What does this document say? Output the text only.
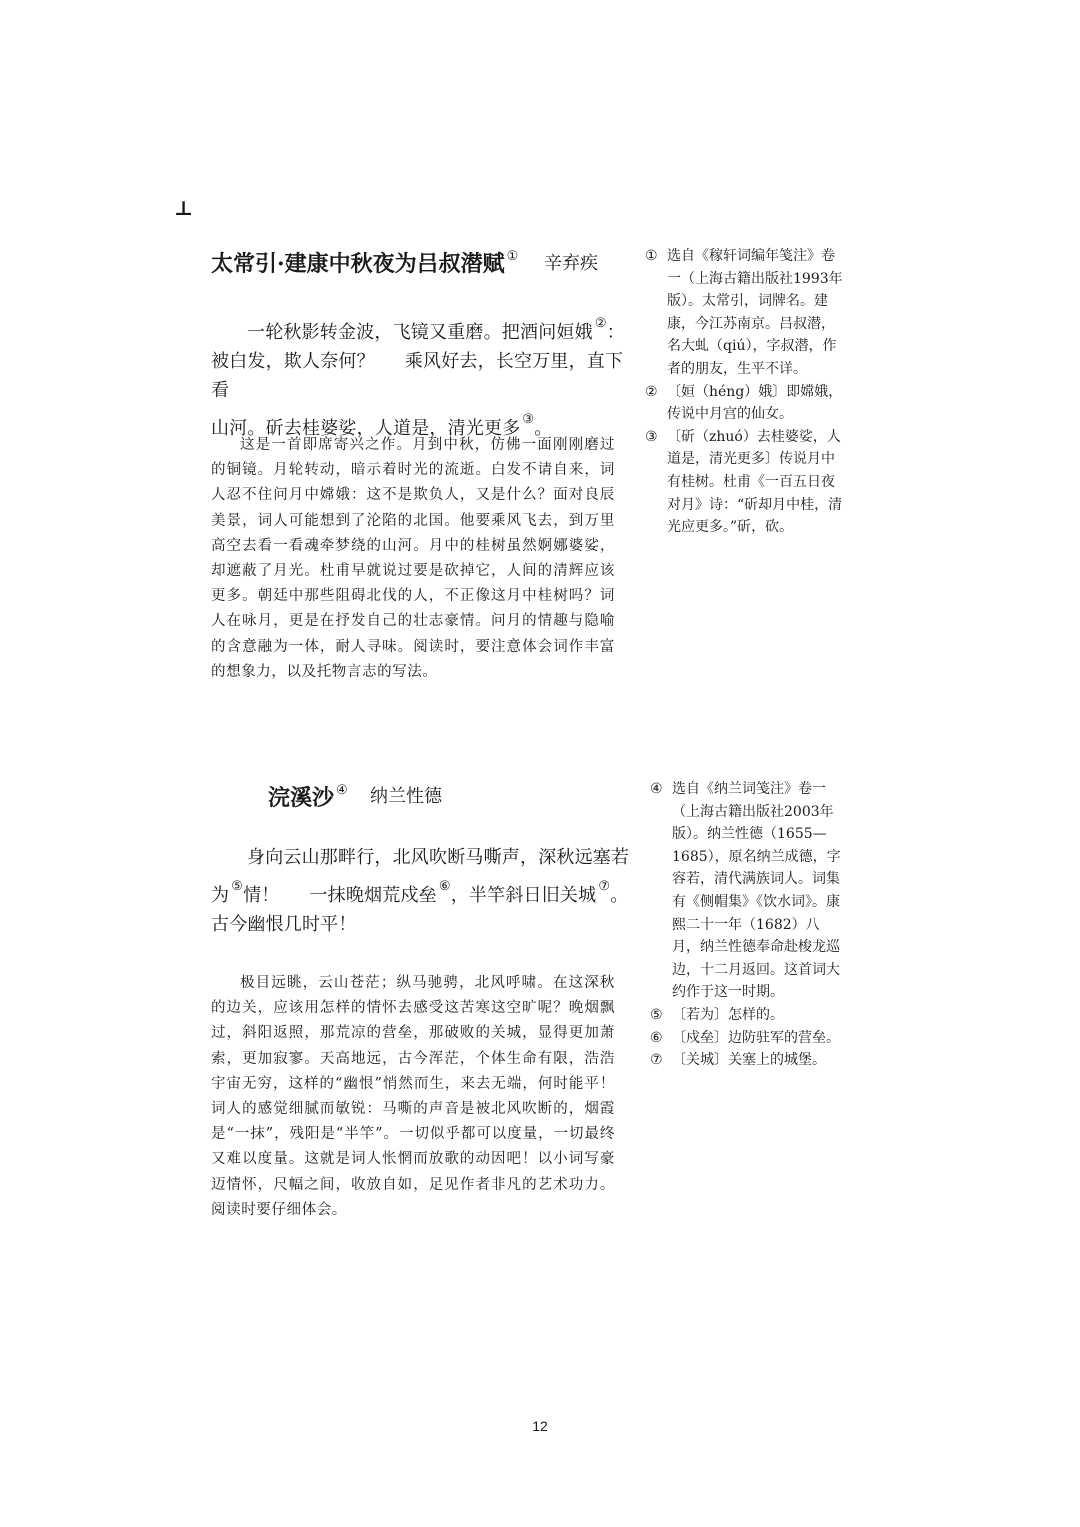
⊥
太常引·建康中秋夜为吕叔潜赋 ① 辛弃疾

一轮秋影转金波，飞镜又重磨。把酒问姮娥 ②：

被白发，欺人奈何？ 乘风好去，长空万里，直下看

山河。斫去桂婆娑，人道是，清光更多 ③。

这是一首即席寄兴之作。月到中秋，仿佛一面刚刚磨过的铜镜。月轮转动，暗示着时光的流逝。白发不请自来，词人忍不住问月中嫦娥：这不是欺负人，又是什么？面对良辰美景，词人可能想到了沦陷的北国。他要乘风飞去，到万里高空去看一看魂牵梦绕的山河。月中的桂树虽然婀娜婆娑，却遮蔽了月光。杜甫早就说过要是砍掉它，人间的清辉应该更多。朝廷中那些阻碍北伐的人，不正像这月中桂树吗？词人在咏月，更是在抒发自己的壮志豪情。问月的情趣与隐喻的含意融为一体，耐人寻味。阅读时，要注意体会词作丰富的想象力，以及托物言志的写法。

① 选自《稼轩词编年笺注》卷一（上海古籍出版社1993年版）。太常引，词牌名。建康，今江苏南京。吕叔潜，名大虬（qiú），字叔潜，作者的朋友，生平不详。
② 〔姮（héng）娥〕即嫦娥，传说中月宫的仙女。
③ 〔斫（zhuó）去桂婆娑，人道是，清光更多〕传说月中有桂树。杜甫《一百五日夜对月》诗：“斫却月中桂，清光应更多。”斫，砍。
浣溪沙 ④ 纳兰性德

身向云山那畔行，北风吹断马嘶声，深秋远塞若

为 ⑤情！ 一抹晚烟荒戍垒 ⑥，半竿斜日旧关城 ⑦。

古今幽恨几时平！

极目远眺，云山苍茫；纵马驰骋，北风呼啸。在这深秋的边关，应该用怎样的情怀去感受这苦寒这空旷呢？晚烟飘过，斜阳返照，那荒凉的营垒，那破败的关城，显得更加萧索，更加寂寥。天高地远，古今浑茫，个体生命有限，浩浩宇宙无穷，这样的“幽恨”悄然而生，来去无端，何时能平！词人的感觉细腻而敏锐：马嘶的声音是被北风吹断的，烟霞是“一抹”，残阳是“半竿”。一切似乎都可以度量，一切最终又难以度量。这就是词人怅惘而放歌的动因吧！以小词写豪迈情怀，尺幅之间，收放自如，足见作者非凡的艺术功力。阅读时要仔细体会。

④ 选自《纳兰词笺注》卷一（上海古籍出版社2003年版）。纳兰性德（1655—1685），原名纳兰成德，字容若，清代满族词人。词集有《侧帽集》《饮水词》。康熙二十一年（1682）八月，纳兰性德奉命赴梭龙巡边，十二月返回。这首词大约作于这一时期。
⑤ 〔若为〕怎样的。
⑥ 〔戍垒〕边防驻军的营垒。
⑦ 〔关城〕关塞上的城堡。
12
